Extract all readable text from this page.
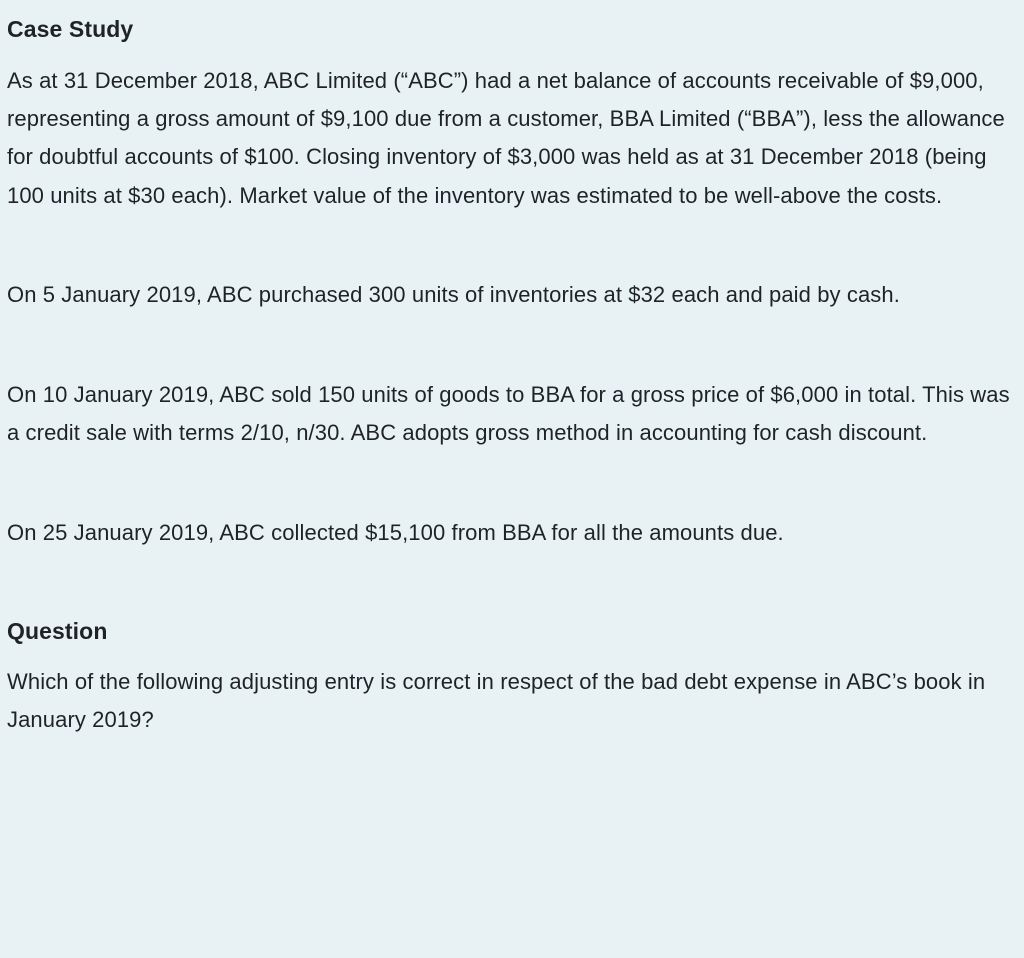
Case Study

As at 31 December 2018, ABC Limited (“ABC”) had a net balance of accounts receivable of $9,000, representing a gross amount of $9,100 due from a customer, BBA Limited (“BBA”), less the allowance for doubtful accounts of $100. Closing inventory of $3,000 was held as at 31 December 2018 (being 100 units at $30 each). Market value of the inventory was estimated to be well-above the costs.

On 5 January 2019, ABC purchased 300 units of inventories at $32 each and paid by cash.

On 10 January 2019, ABC sold 150 units of goods to BBA for a gross price of $6,000 in total. This was a credit sale with terms 2/10, n/30. ABC adopts gross method in accounting for cash discount.

On 25 January 2019, ABC collected $15,100 from BBA for all the amounts due.

Question

Which of the following adjusting entry is correct in respect of the bad debt expense in ABC’s book in January 2019?
